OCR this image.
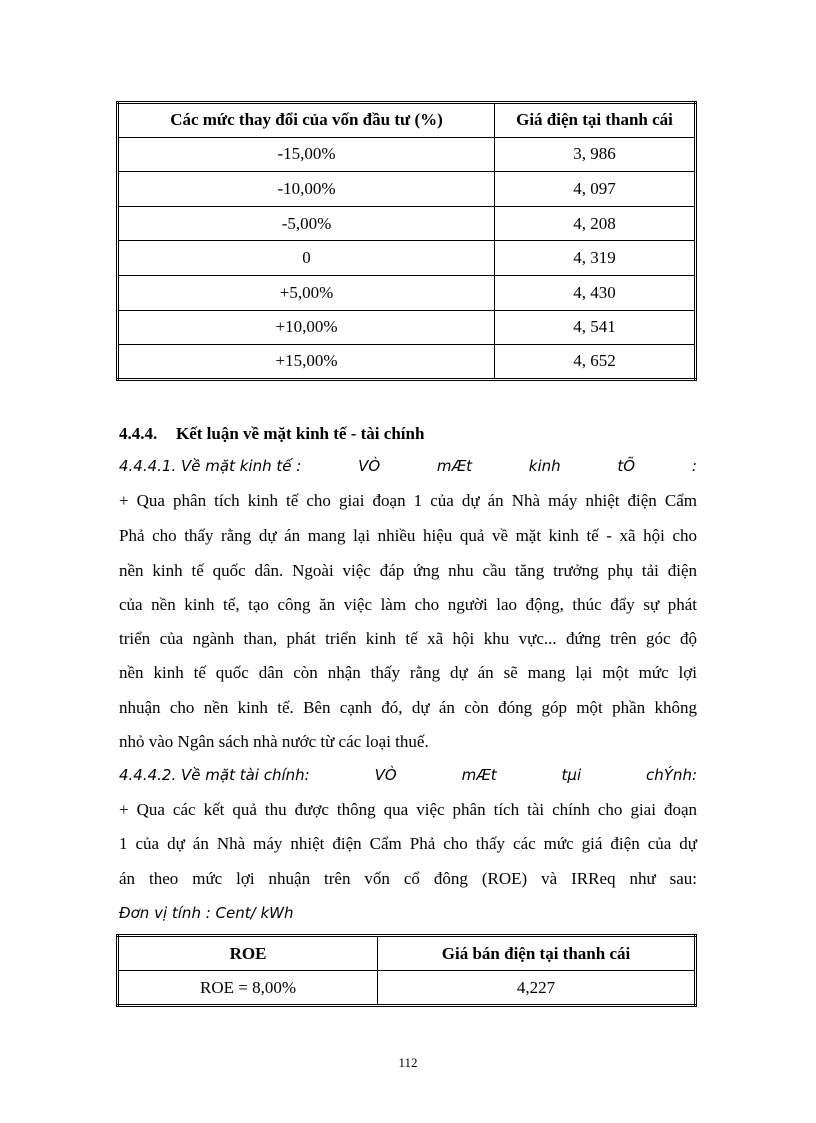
Các mức thay đổi của vốn đầu tư (%)	Giá điện tại thanh cái
-15,00%	3, 986
-10,00%	4, 097
-5,00%	4, 208
0	4, 319
+5,00%	4, 430
+10,00%	4, 541
+15,00%	4, 652
4.4.4. Kết luận về mặt kinh tế - tài chính
4.4.4.1. Về mặt kinh tế :	VÒ	mÆt	kinh	tÕ	:
+ Qua phân tích kinh tế cho giai đoạn 1 của dự án Nhà máy nhiệt điện Cẩm
Phả cho thấy rằng dự án mang lại nhiều hiệu quả về mặt kinh tế - xã hội cho
nền kinh tế quốc dân. Ngoài việc đáp ứng nhu cầu tăng trưởng phụ tải điện
của nền kinh tế, tạo công ăn việc làm cho người lao động, thúc đẩy sự phát
triển của ngành than, phát triển kinh tế xã hội khu vực... đứng trên góc độ
nền kinh tế quốc dân còn nhận thấy rằng dự án sẽ mang lại một mức lợi
nhuận cho nền kinh tế. Bên cạnh đó, dự án còn đóng góp một phần không
nhỏ vào Ngân sách nhà nước từ các loại thuế.
4.4.4.2. Về mặt tài chính:	VÒ	mÆt	tµi	chÝnh:
+ Qua các kết quả thu được thông qua việc phân tích tài chính cho giai đoạn
1 của dự án Nhà máy nhiệt điện Cẩm Phả cho thấy các mức giá điện của dự
án theo mức lợi nhuận trên vốn cổ đông (ROE) và IRReq như sau:
Đơn vị tính : Cent/ kWh
ROE	Giá bán điện tại thanh cái
ROE = 8,00%	4,227
112
